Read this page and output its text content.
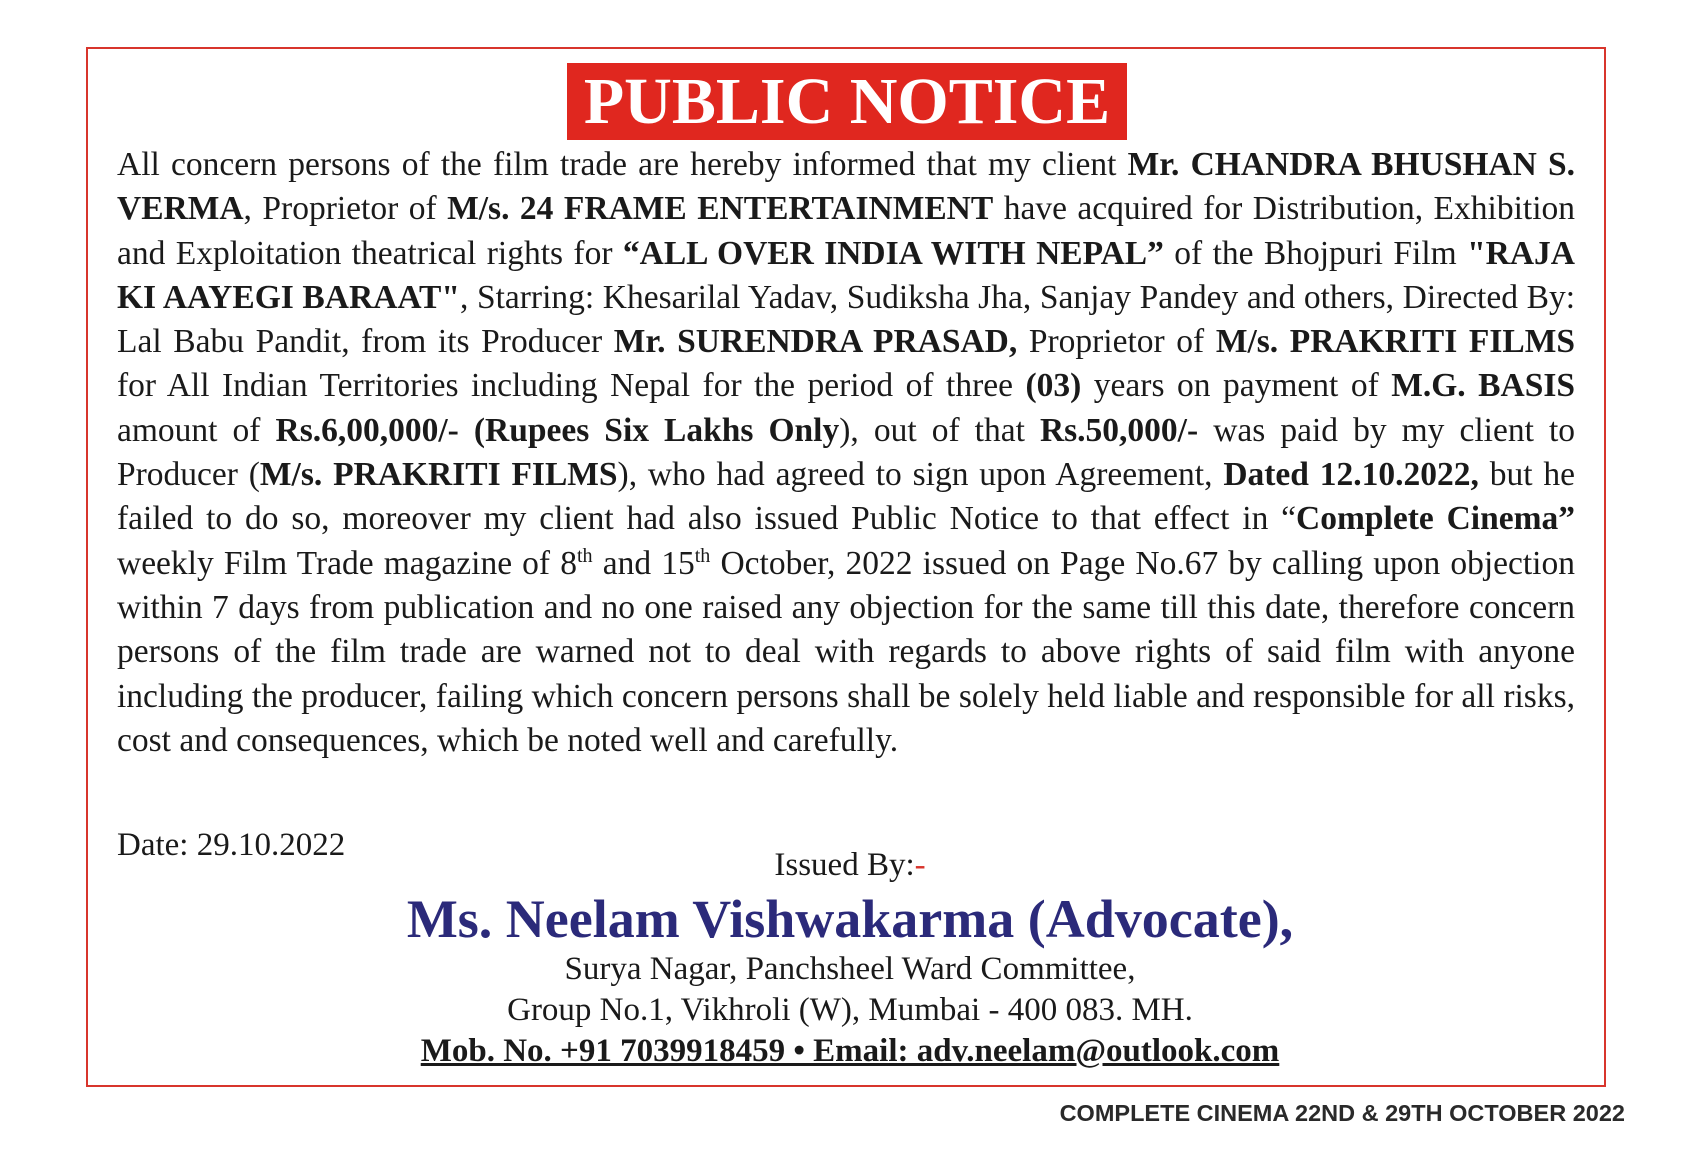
PUBLIC NOTICE

All concern persons of the film trade are hereby informed that my client Mr. CHANDRA BHUSHAN S. VERMA, Proprietor of M/s. 24 FRAME ENTERTAINMENT have acquired for Distribution, Exhibition and Exploitation theatrical rights for “ALL OVER INDIA WITH NEPAL” of the Bhojpuri Film "RAJA KI AAYEGI BARAAT", Starring: Khesarilal Yadav, Sudiksha Jha, Sanjay Pandey and others, Directed By: Lal Babu Pandit, from its Producer Mr. SURENDRA PRASAD, Proprietor of M/s. PRAKRITI FILMS for All Indian Territories including Nepal for the period of three (03) years on payment of M.G. BASIS amount of Rs.6,00,000/- (Rupees Six Lakhs Only), out of that Rs.50,000/- was paid by my client to Producer (M/s. PRAKRITI FILMS), who had agreed to sign upon Agreement, Dated 12.10.2022, but he failed to do so, moreover my client had also issued Public Notice to that effect in “Complete Cinema” weekly Film Trade magazine of 8th and 15th October, 2022 issued on Page No.67 by calling upon objection within 7 days from publication and no one raised any objection for the same till this date, therefore concern persons of the film trade are warned not to deal with regards to above rights of said film with anyone including the producer, failing which concern persons shall be solely held liable and responsible for all risks, cost and consequences, which be noted well and carefully.

Date: 29.10.2022
Issued By:-
Ms. Neelam Vishwakarma (Advocate),
Surya Nagar, Panchsheel Ward Committee,
Group No.1, Vikhroli (W), Mumbai - 400 083. MH.
Mob. No. +91 7039918459 • Email: adv.neelam@outlook.com
COMPLETE CINEMA 22ND & 29TH OCTOBER 2022
